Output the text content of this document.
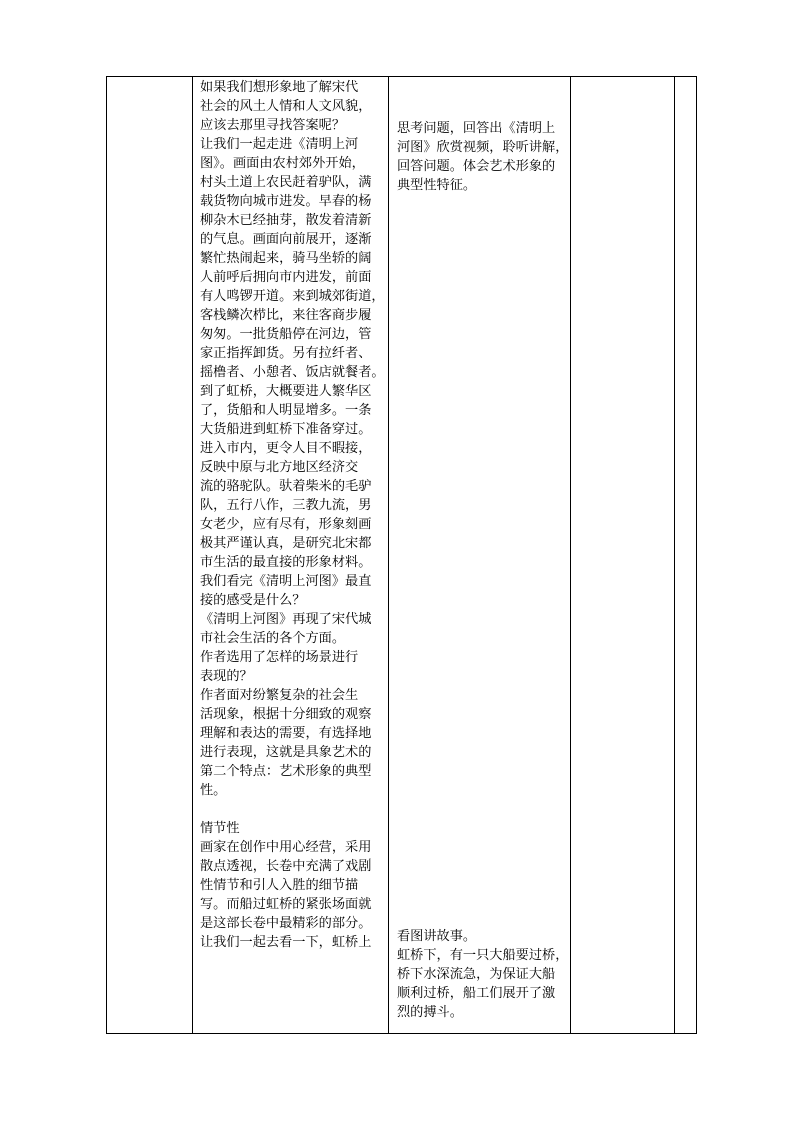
如果我们想形象地了解宋代
社会的风土人情和人文风貌，
应该去那里寻找答案呢？
让我们一起走进《清明上河
图》。画面由农村郊外开始，
村头土道上农民赶着驴队，满
载货物向城市进发。早春的杨
柳杂木已经抽芽，散发着清新
的气息。画面向前展开，逐渐
繁忙热闹起来，骑马坐轿的阔
人前呼后拥向市内进发，前面
有人鸣锣开道。来到城郊街道，
客栈鳞次栉比，来往客商步履
匆匆。一批货船停在河边，管
家正指挥卸货。另有拉纤者、
摇橹者、小憩者、饭店就餐者。
到了虹桥，大概要进人繁华区
了，货船和人明显增多。一条
大货船进到虹桥下准备穿过。
进入市内，更令人目不暇接，
反映中原与北方地区经济交
流的骆驼队。驮着柴米的毛驴
队，五行八作，三教九流，男
女老少，应有尽有，形象刻画
极其严谨认真，是研究北宋都
市生活的最直接的形象材料。
我们看完《清明上河图》最直
接的感受是什么？
《清明上河图》再现了宋代城
市社会生活的各个方面。
作者选用了怎样的场景进行
表现的？
作者面对纷繁复杂的社会生
活现象，根据十分细致的观察
理解和表达的需要，有选择地
进行表现，这就是具象艺术的
第二个特点：艺术形象的典型
性。
情节性
画家在创作中用心经营，采用
散点透视，长卷中充满了戏剧
性情节和引人入胜的细节描
写。而船过虹桥的紧张场面就
是这部长卷中最精彩的部分。
让我们一起去看一下，虹桥上

思考问题，回答出《清明上
河图》欣赏视频，聆听讲解，
回答问题。体会艺术形象的
典型性特征。
看图讲故事。
虹桥下，有一只大船要过桥，
桥下水深流急，为保证大船
顺利过桥，船工们展开了激
烈的搏斗。
